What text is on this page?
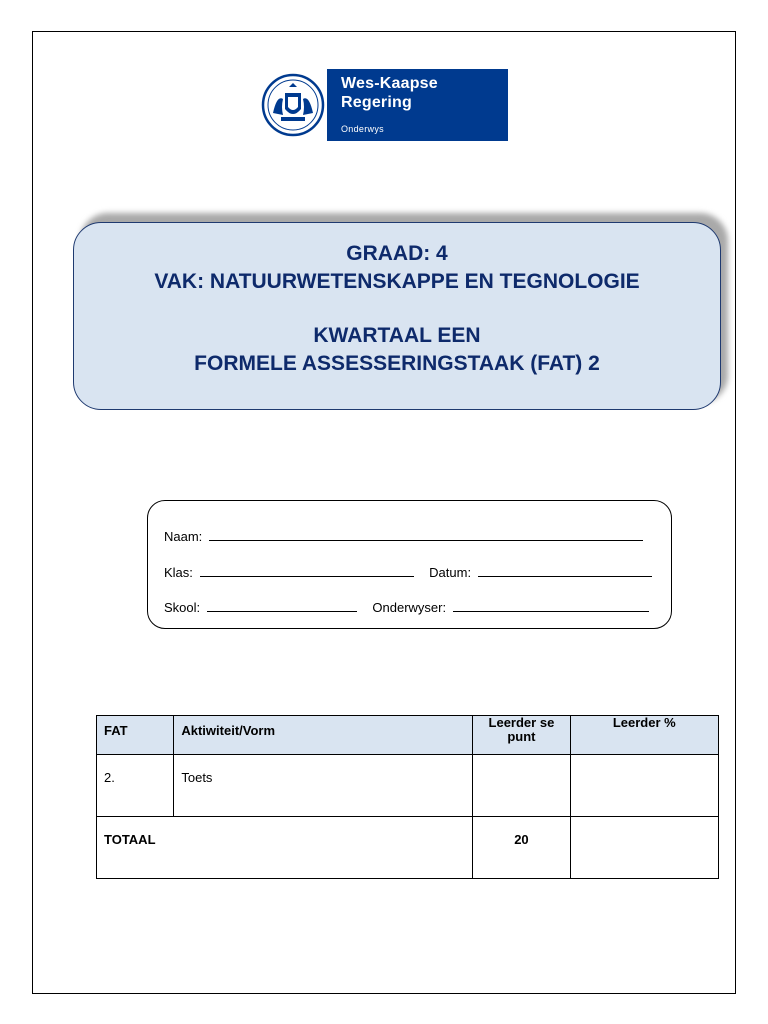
Wes-Kaapse
Regering
Onderwys
GRAAD: 4
VAK: NATUURWETENSKAPPE EN TEGNOLOGIE
KWARTAAL EEN
FORMELE ASSESSERINGSTAAK (FAT) 2
Naam:
Klas:	Datum:
Skool:	Onderwyser:
FAT	Aktiwiteit/Vorm	Leerder se punt	Leerder %
2.	Toets		
TOTAAL		20	
